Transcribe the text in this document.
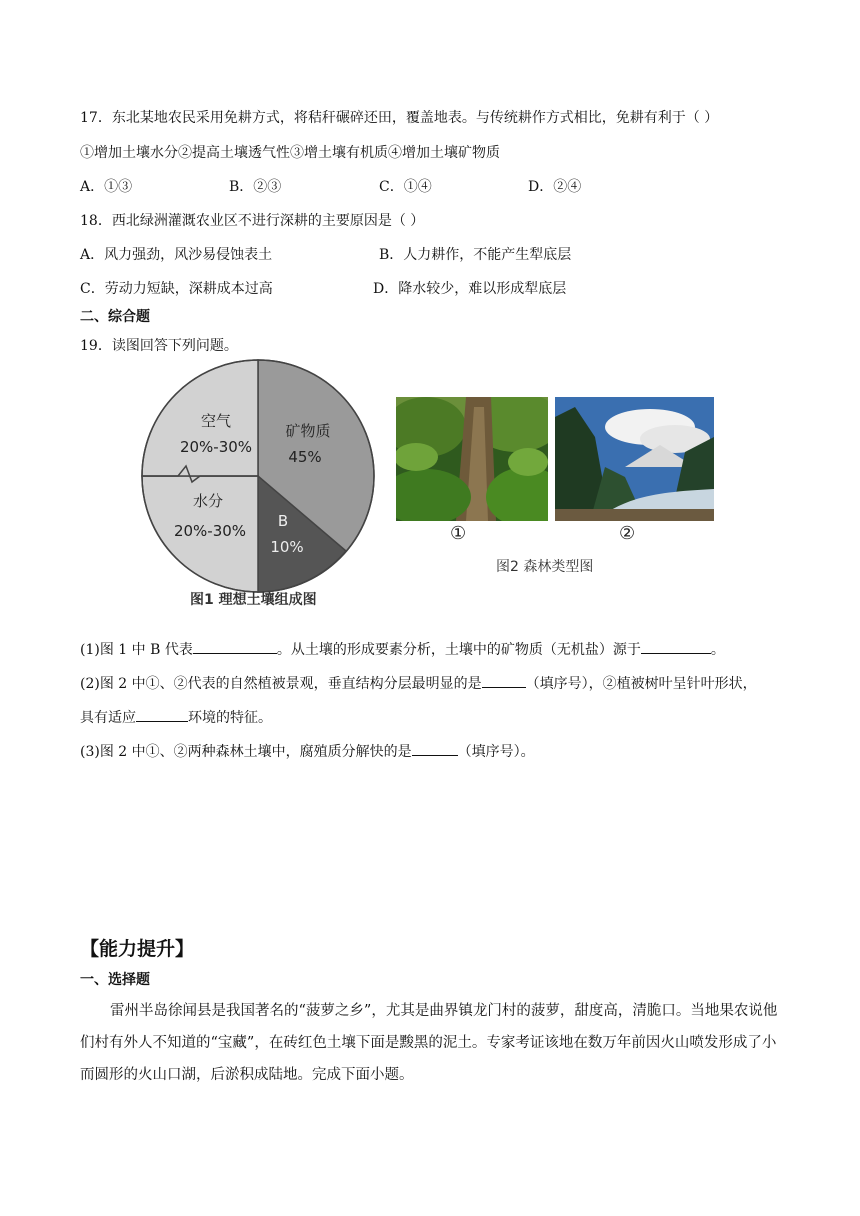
17．东北某地农民采用免耕方式，将秸秆碾碎还田，覆盖地表。与传统耕作方式相比，免耕有利于（ ）
①增加土壤水分②提高土壤透气性③增土壤有机质④增加土壤矿物质
A．①③	B．②③	C．①④	D．②④
18．西北绿洲灌溉农业区不进行深耕的主要原因是（ ）
A．风力强劲，风沙易侵蚀表土	B．人力耕作，不能产生犁底层
C．劳动力短缺，深耕成本过高	D．降水较少，难以形成犁底层
二、综合题
19．读图回答下列问题。
空气
20%-30%
矿物质
45%
水分
20%-30%
B
10%
图1 理想土壤组成图
①	②
图2 森林类型图
(1)图 1 中 B 代表	。从土壤的形成要素分析，土壤中的矿物质（无机盐）源于	。
(2)图 2 中①、②代表的自然植被景观，垂直结构分层最明显的是	（填序号），②植被树叶呈针叶形状，
具有适应	环境的特征。
(3)图 2 中①、②两种森林土壤中，腐殖质分解快的是	（填序号）。
【能力提升】
一、选择题
雷州半岛徐闻县是我国著名的“菠萝之乡”，尤其是曲界镇龙门村的菠萝，甜度高，清脆口。当地果农说他们村有外人不知道的“宝藏”，在砖红色土壤下面是黢黑的泥土。专家考证该地在数万年前因火山喷发形成了小而圆形的火山口湖，后淤积成陆地。完成下面小题。
